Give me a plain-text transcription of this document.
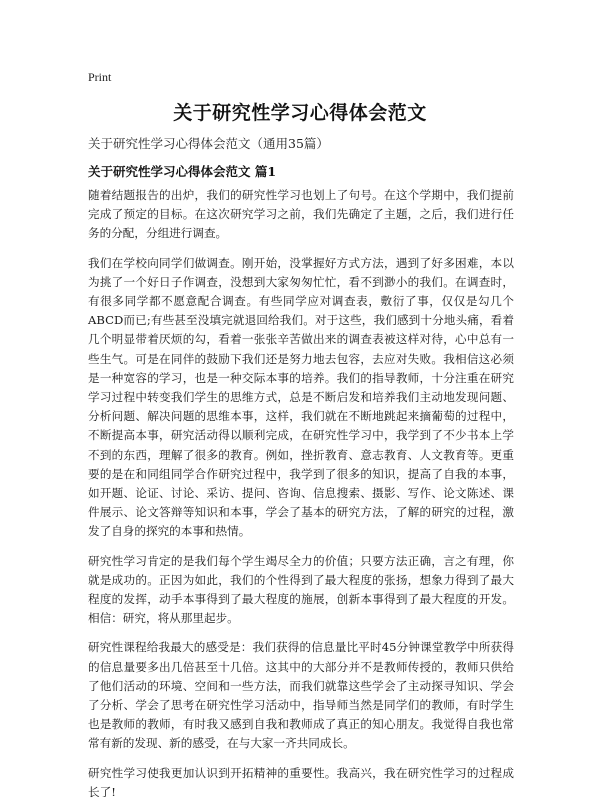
Print
关于研究性学习心得体会范文
关于研究性学习心得体会范文（通用35篇）
关于研究性学习心得体会范文 篇1

随着结题报告的出炉，我们的研究性学习也划上了句号。在这个学期中，我们提前完成了预定的目标。在这次研究学习之前，我们先确定了主题，之后，我们进行任务的分配，分组进行调查。

我们在学校向同学们做调查。刚开始，没掌握好方式方法，遇到了好多困难，本以为挑了一个好日子作调查，没想到大家匆匆忙忙，看不到渺小的我们。在调查时，有很多同学都不愿意配合调查。有些同学应对调查表，敷衍了事，仅仅是勾几个ABCD而已;有些甚至没填完就退回给我们。对于这些，我们感到十分地头痛，看着几个明显带着厌烦的勾，看着一张张辛苦做出来的调查表被这样对待，心中总有一些生气。可是在同伴的鼓励下我们还是努力地去包容，去应对失败。我相信这必须是一种宽容的学习，也是一种交际本事的培养。我们的指导教师，十分注重在研究学习过程中转变我们学生的思维方式，总是不断启发和培养我们主动地发现问题、分析问题、解决问题的思维本事，这样，我们就在不断地跳起来摘葡萄的过程中，不断提高本事，研究活动得以顺利完成，在研究性学习中，我学到了不少书本上学不到的东西，理解了很多的教育。例如，挫折教育、意志教育、人文教育等。更重要的是在和同组同学合作研究过程中，我学到了很多的知识，提高了自我的本事，如开题、论证、讨论、采访、提问、咨询、信息搜索、摄影、写作、论文陈述、课件展示、论文答辩等知识和本事，学会了基本的研究方法，了解的研究的过程，激发了自身的探究的本事和热情。

研究性学习肯定的是我们每个学生竭尽全力的价值；只要方法正确，言之有理，你就是成功的。正因为如此，我们的个性得到了最大程度的张扬，想象力得到了最大程度的发挥，动手本事得到了最大程度的施展，创新本事得到了最大程度的开发。相信：研究，将从那里起步。

研究性课程给我最大的感受是：我们获得的信息量比平时45分钟课堂教学中所获得的信息量要多出几倍甚至十几倍。这其中的大部分并不是教师传授的，教师只供给了他们活动的环境、空间和一些方法，而我们就靠这些学会了主动探寻知识、学会了分析、学会了思考在研究性学习活动中，指导师当然是同学们的教师，有时学生也是教师的教师，有时我又感到自我和教师成了真正的知心朋友。我觉得自我也常常有新的发现、新的感受，在与大家一齐共同成长。

研究性学习使我更加认识到开拓精神的重要性。我高兴，我在研究性学习的过程成长了!
